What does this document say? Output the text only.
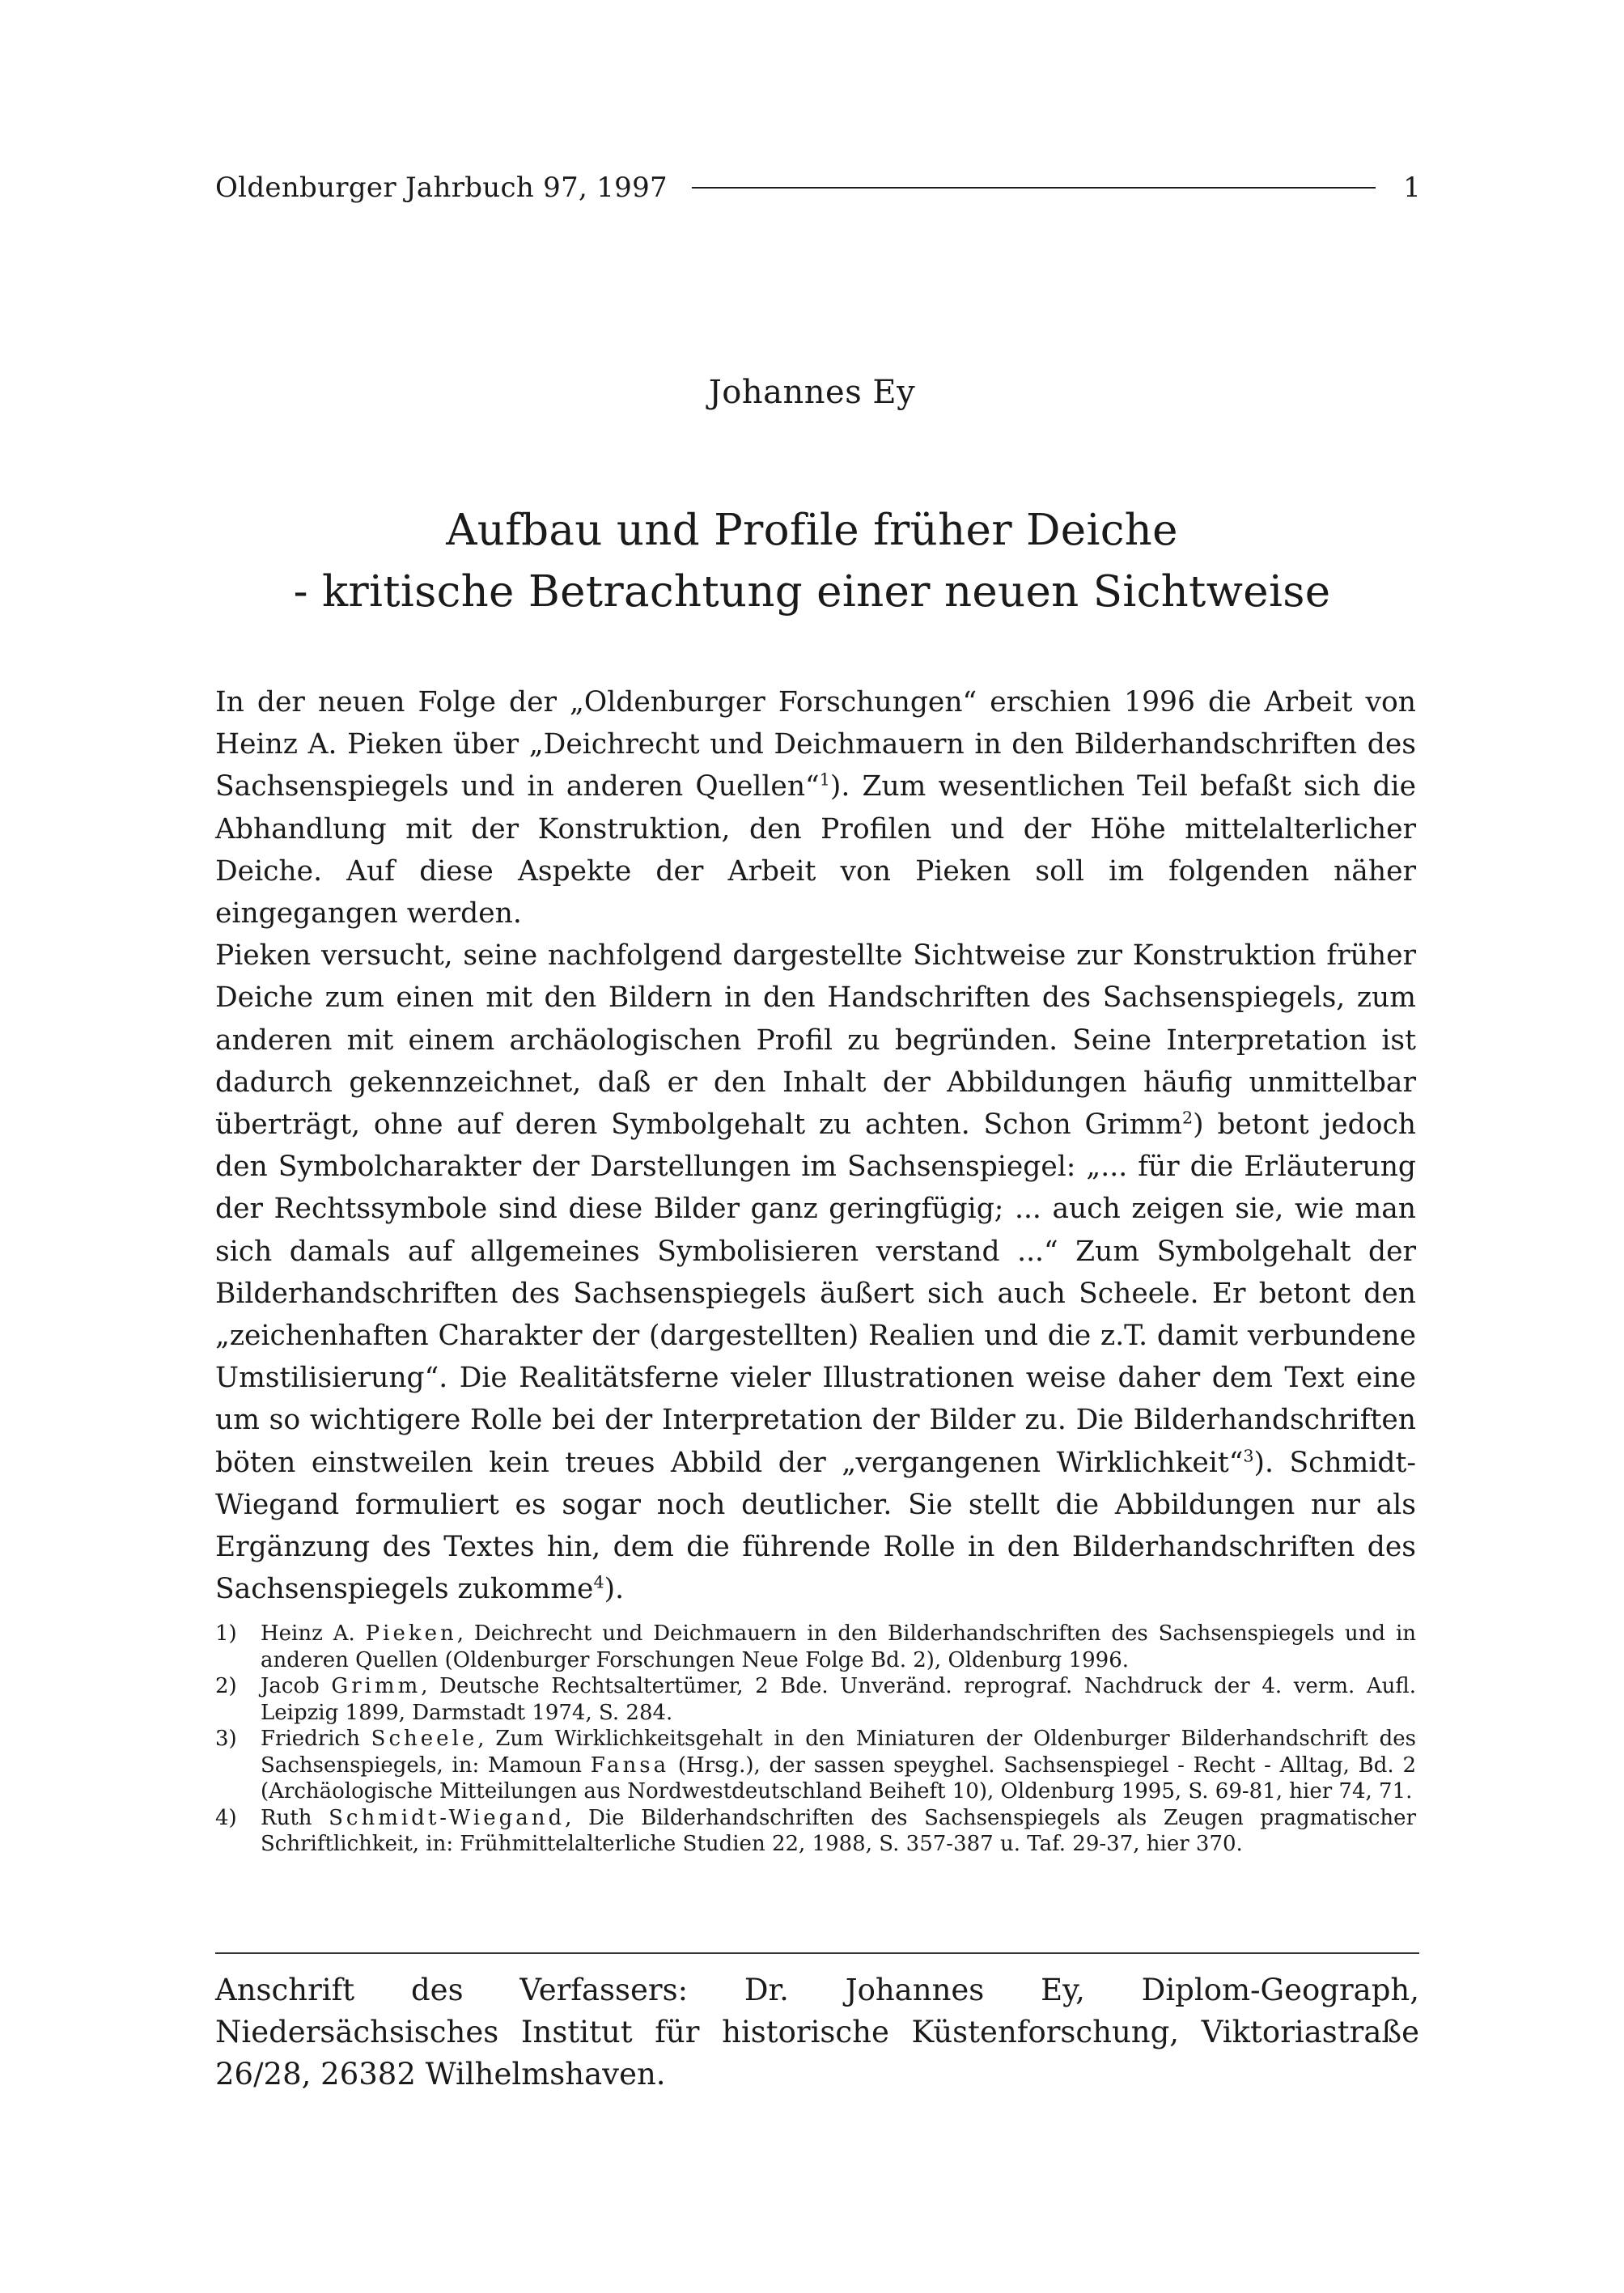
Oldenburger Jahrbuch 97, 1997	1
Johannes Ey
Aufbau und Profile früher Deiche
- kritische Betrachtung einer neuen Sichtweise

In der neuen Folge der „Oldenburger Forschungen“ erschien 1996 die Arbeit von Heinz A. Pieken über „Deichrecht und Deichmauern in den Bilderhandschriften des Sachsenspiegels und in anderen Quellen“$^1$). Zum wesentlichen Teil befaßt sich die Abhandlung mit der Konstruktion, den Profilen und der Höhe mittelalterlicher Deiche. Auf diese Aspekte der Arbeit von Pieken soll im folgenden näher eingegangen werden.

Pieken versucht, seine nachfolgend dargestellte Sichtweise zur Konstruktion früher Deiche zum einen mit den Bildern in den Handschriften des Sachsenspiegels, zum anderen mit einem archäologischen Profil zu begründen. Seine Interpretation ist dadurch gekennzeichnet, daß er den Inhalt der Abbildungen häufig unmittelbar überträgt, ohne auf deren Symbolgehalt zu achten. Schon Grimm$^2$) betont jedoch den Symbolcharakter der Darstellungen im Sachsenspiegel: „... für die Erläuterung der Rechtssymbole sind diese Bilder ganz geringfügig; ... auch zeigen sie, wie man sich damals auf allgemeines Symbolisieren verstand ...“ Zum Symbolgehalt der Bilderhandschriften des Sachsenspiegels äußert sich auch Scheele. Er betont den „zeichenhaften Charakter der (dargestellten) Realien und die z.T. damit verbundene Umstilisierung“. Die Realitätsferne vieler Illustrationen weise daher dem Text eine um so wichtigere Rolle bei der Interpretation der Bilder zu. Die Bilderhandschriften böten einstweilen kein treues Abbild der „vergangenen Wirklichkeit“$^3$). Schmidt-Wiegand formuliert es sogar noch deutlicher. Sie stellt die Abbildungen nur als Ergänzung des Textes hin, dem die führende Rolle in den Bilderhandschriften des Sachsenspiegels zukomme$^4$).

1)	Heinz A. Pieken, Deichrecht und Deichmauern in den Bilderhandschriften des Sachsenspiegels und in anderen Quellen (Oldenburger Forschungen Neue Folge Bd. 2), Oldenburg 1996.
2)	Jacob Grimm, Deutsche Rechtsaltertümer, 2 Bde. Unveränd. reprograf. Nachdruck der 4. verm. Aufl. Leipzig 1899, Darmstadt 1974, S. 284.
3)	Friedrich Scheele, Zum Wirklichkeitsgehalt in den Miniaturen der Oldenburger Bilderhandschrift des Sachsenspiegels, in: Mamoun Fansa (Hrsg.), der sassen speyghel. Sachsenspiegel - Recht - Alltag, Bd. 2 (Archäologische Mitteilungen aus Nordwestdeutschland Beiheft 10), Oldenburg 1995, S. 69-81, hier 74, 71.
4)	Ruth Schmidt-Wiegand, Die Bilderhandschriften des Sachsenspiegels als Zeugen pragmatischer Schriftlichkeit, in: Frühmittelalterliche Studien 22, 1988, S. 357-387 u. Taf. 29-37, hier 370.
Anschrift des Verfassers: Dr. Johannes Ey, Diplom-Geograph, Niedersächsisches Institut für historische Küstenforschung, Viktoriastraße 26/28, 26382 Wilhelmshaven.
